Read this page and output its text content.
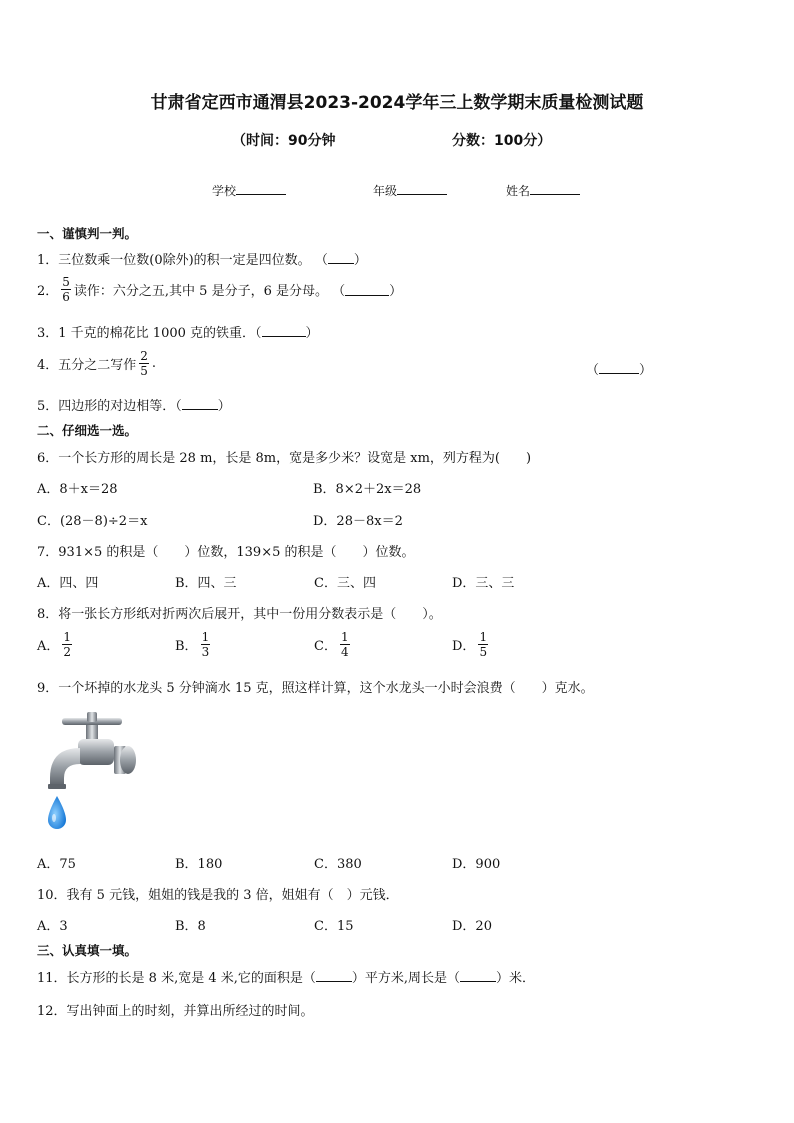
甘肃省定西市通渭县2023-2024学年三上数学期末质量检测试题
（时间：90分钟	分数：100分）
学校	年级	姓名
一、谨慎判一判。
1．三位数乘一位数(0除外)的积一定是四位数。 （ ）
2． $\frac{5}{6}$ 读作：六分之五,其中 5 是分子，6 是分母。 （	）
3．1 千克的棉花比 1000 克的铁重．（	）
4．五分之二写作 $\frac{2}{5}$ .	（	）
5．四边形的对边相等．（	）
二、仔细选一选。
6．一个长方形的周长是 28 m，长是 8m，宽是多少米？设宽是 xm，列方程为(　　)
A．8＋x＝28	B．8×2＋2x＝28
C．(28－8)÷2＝x	D．28－8x＝2
7．931×5 的积是（　　）位数，139×5 的积是（　　）位数。
A．四、四	B．四、三	C．三、四	D．三、三
8．将一张长方形纸对折两次后展开，其中一份用分数表示是（　　）。
A． $\frac{1}{2}$	B． $\frac{1}{3}$	C． $\frac{1}{4}$	D． $\frac{1}{5}$
9．一个坏掉的水龙头 5 分钟滴水 15 克，照这样计算，这个水龙头一小时会浪费（　　）克水。
A．75	B．180	C．380	D．900
10．我有 5 元钱，姐姐的钱是我的 3 倍，姐姐有（　）元钱．
A．3	B．8	C．15	D．20
三、认真填一填。
11．长方形的长是 8 米,宽是 4 米,它的面积是（	）平方米,周长是（	）米．
12．写出钟面上的时刻，并算出所经过的时间。
